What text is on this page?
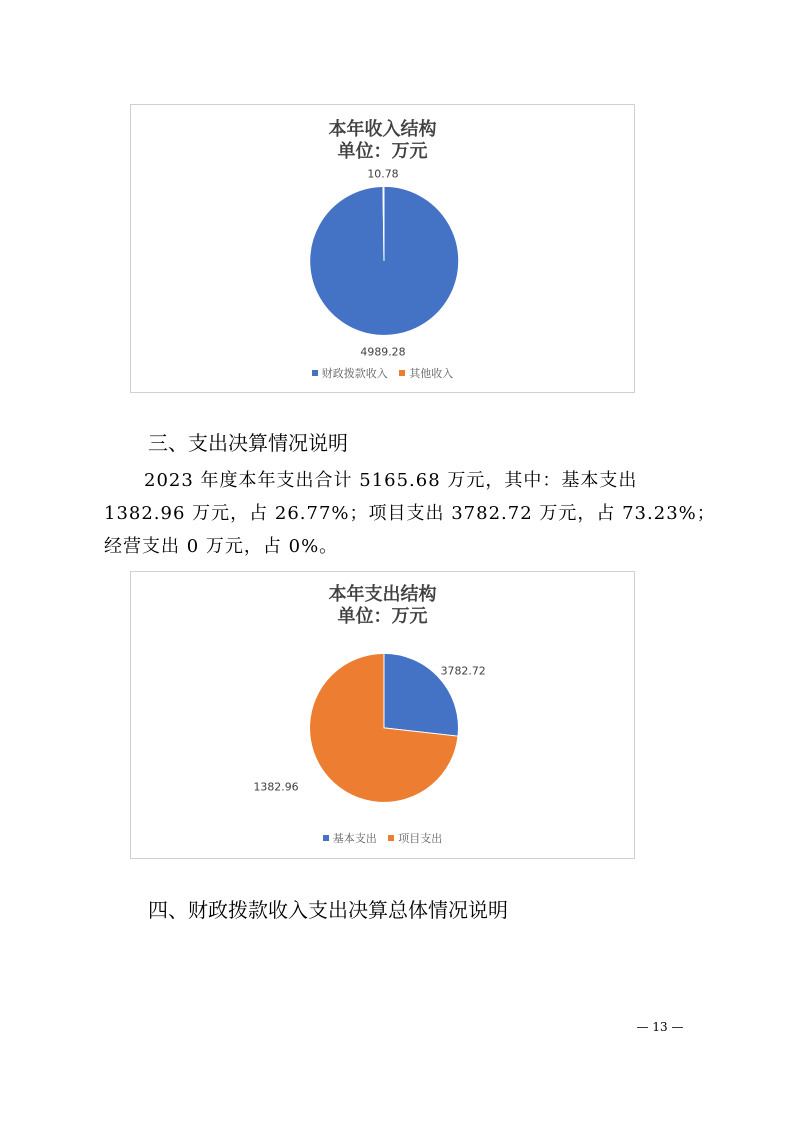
本年收入结构
单位：万元
4989.28
10.78
财政拨款收入 其他收入
三、支出决算情况说明
2023 年度本年支出合计 5165.68 万元，其中：基本支出
1382.96 万元，占 26.77%；项目支出 3782.72 万元，占 73.23%；
经营支出 0 万元，占 0%。
本年支出结构
单位：万元
1382.96
3782.72
基本支出 项目支出
四、财政拨款收入支出决算总体情况说明
— 13 —
